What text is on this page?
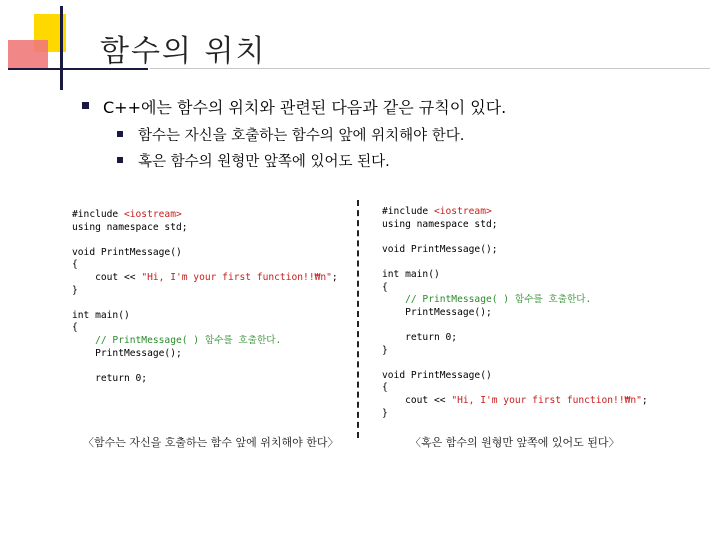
함수의 위치
C++에는 함수의 위치와 관련된 다음과 같은 규칙이 있다.
함수는 자신을 호출하는 함수의 앞에 위치해야 한다.
혹은 함수의 원형만 앞쪽에 있어도 된다.
#include <iostream>
using namespace std;

void PrintMessage()
{
cout << "Hi, I'm your first function!!₩n";
}

int main()
{
// PrintMessage( ) 함수를 호출한다.
PrintMessage();

return 0;
〈함수는 자신을 호출하는 함수 앞에 위치해야 한다〉
#include <iostream>
using namespace std;

void PrintMessage();

int main()
{
// PrintMessage( ) 함수를 호출한다.
PrintMessage();

return 0;
}

void PrintMessage()
{
cout << "Hi, I'm your first function!!₩n";
}
〈혹은 함수의 원형만 앞쪽에 있어도 된다〉
